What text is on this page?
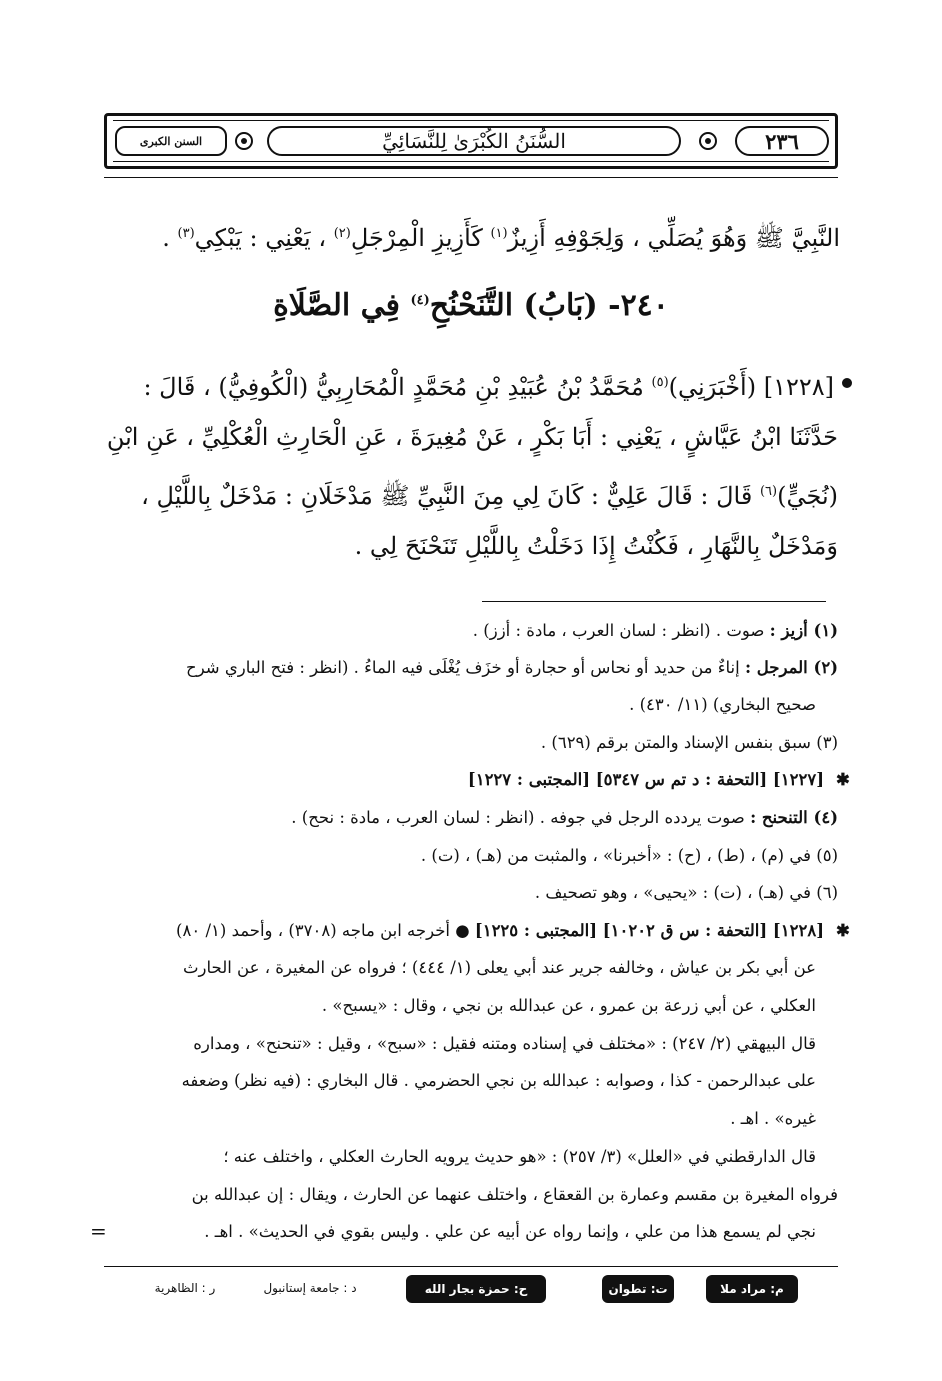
السنن الكبرى	السُّنَنُ الكُبْرَىٰ لِلنَّسَائِيِّ	٢٣٦
النَّبِيَّ ﷺ وَهُوَ يُصَلِّي ، وَلِجَوْفِهِ أَزِيزٌ$^{(١)}$ كَأَزِيزِ الْمِرْجَلِ$^{(٢)}$ ، يَعْنِي : يَبْكِي$^{(٣)}$ .
٢٤٠- (بَابُ) التَّنَحْنُحِ$^{(٤)}$ فِي الصَّلَاةِ
[١٢٢٨] (أَخْبَرَنِي)$^{(٥)}$ مُحَمَّدُ بْنُ عُبَيْدِ بْنِ مُحَمَّدٍ الْمُحَارِبِيُّ (الْكُوفِيُّ) ، قَالَ :
حَدَّثَنَا ابْنُ عَيَّاشٍ ، يَعْنِي : أَبَا بَكْرٍ ، عَنْ مُغِيرَةَ ، عَنِ الْحَارِثِ الْعُكْلِيِّ ، عَنِ ابْنِ
(نُجَيٍّ)$^{(٦)}$ قَالَ : قَالَ عَلِيٌّ : كَانَ لِي مِنَ النَّبِيِّ ﷺ مَدْخَلَانِ : مَدْخَلٌ بِاللَّيْلِ ،
وَمَدْخَلٌ بِالنَّهَارِ ، فَكُنْتُ إِذَا دَخَلْتُ بِاللَّيْلِ تَنَحْنَحَ لِي .
(١) أزيز : صوت . (انظر : لسان العرب ، مادة : أزز) .
(٢) المرجل : إناءٌ من حديد أو نحاس أو حجارة أو خزَف يُغْلَى فيه الماءُ . (انظر : فتح الباري شرح
صحيح البخاري) (١١/ ٤٣٠) .
(٣) سبق بنفس الإسناد والمتن برقم (٦٢٩) .
✱
[١٢٢٧] [التحفة : د تم س ٥٣٤٧] [المجتبى : ١٢٢٧]
(٤) التنحنح : صوت يردده الرجل في جوفه . (انظر : لسان العرب ، مادة : نحح) .
(٥) في (م) ، (ط) ، (ح) : «أخبرنا» ، والمثبت من (هـ) ، (ت) .
(٦) في (هـ) ، (ت) : «يحيى» ، وهو تصحيف .
✱
[١٢٢٨] [التحفة : س ق ١٠٢٠٢] [المجتبى : ١٢٢٥] ● أخرجه ابن ماجه (٣٧٠٨) ، وأحمد (١/ ٨٠)
عن أبي بكر بن عياش ، وخالفه جرير عند أبي يعلى (١/ ٤٤٤) ؛ فرواه عن المغيرة ، عن الحارث
العكلي ، عن أبي زرعة بن عمرو ، عن عبدالله بن نجي ، وقال : «يسبح» .
قال البيهقي (٢/ ٢٤٧) : «مختلف في إسناده ومتنه فقيل : «سبح» ، وقيل : «تنحنح» ، ومداره
على عبدالرحمن - كذا ، وصوابه : عبدالله بن نجي الحضرمي . قال البخاري : (فيه نظر) وضعفه
غيره» . اهـ .
قال الدارقطني في «العلل» (٣/ ٢٥٧) : «هو حديث يرويه الحارث العكلي ، واختلف عنه ؛
فرواه المغيرة بن مقسم وعمارة بن القعقاع ، واختلف عنهما عن الحارث ، ويقال : إن عبدالله بن
نجي لم يسمع هذا من علي ، وإنما رواه عن أبيه عن علي . وليس بقوي في الحديث» . اهـ .
=
م: مراد ملا
ت: تطوان
ح: حمزة بجار الله
د : جامعة إستانبول
ر : الظاهرية
